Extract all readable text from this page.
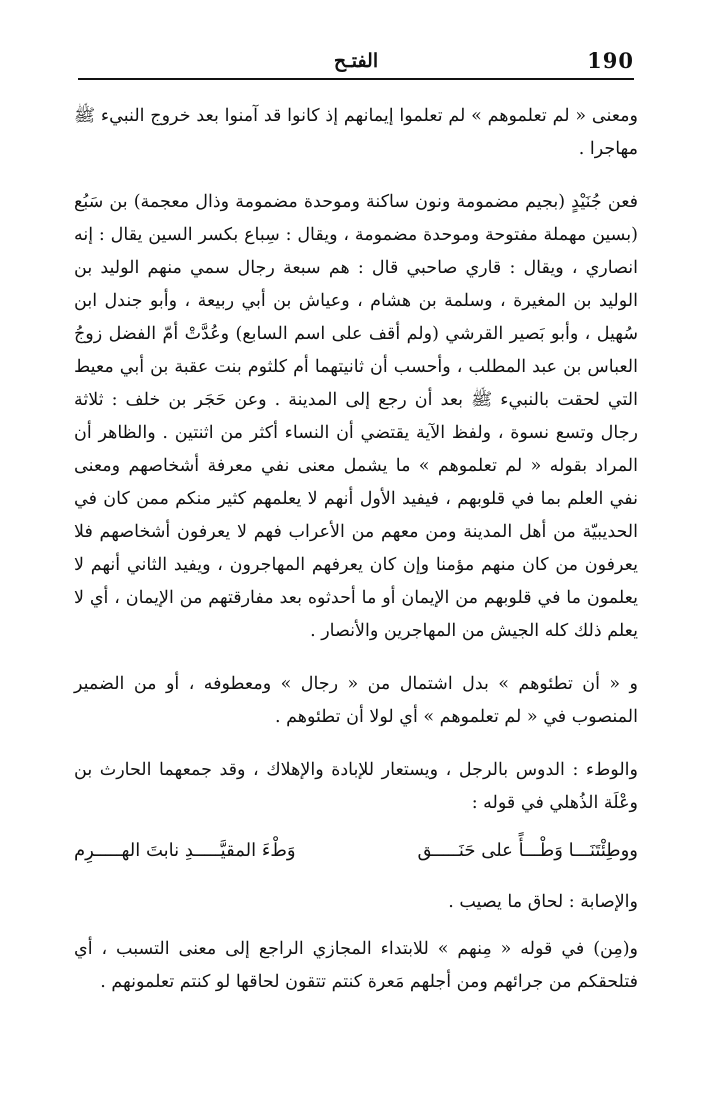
190
الفتـح

ومعنى « لم تعلموهم » لم تعلموا إيمانهم إذ كانوا قد آمنوا بعد خروج النبيء ﷺ مهاجرا .

فعن جُنَيْدٍ (بجيم مضمومة ونون ساكنة وموحدة مضمومة وذال معجمة) بن سَبُع (بسين مهملة مفتوحة وموحدة مضمومة ، ويقال : سِباع بكسر السين يقال : إنه انصاري ، ويقال : قاري صاحبي قال : هم سبعة رجال سمي منهم الوليد بن الوليد بن المغيرة ، وسلمة بن هشام ، وعياش بن أبي ربيعة ، وأبو جندل ابن سُهيل ، وأبو بَصير القرشي (ولم أقف على اسم السابع) وعُدَّتْ أمّ الفضل زوجُ العباس بن عبد المطلب ، وأحسب أن ثانيتهما أم كلثوم بنت عقبة بن أبي معيط التي لحقت بالنبيء ﷺ بعد أن رجع إلى المدينة . وعن حَجَر بن خلف : ثلاثة رجال وتسع نسوة ، ولفظ الآية يقتضي أن النساء أكثر من اثنتين . والظاهر أن المراد بقوله « لم تعلموهم » ما يشمل معنى نفي معرفة أشخاصهم ومعنى نفي العلم بما في قلوبهم ، فيفيد الأول أنهم لا يعلمهم كثير منكم ممن كان في الحديبيّة من أهل المدينة ومن معهم من الأعراب فهم لا يعرفون أشخاصهم فلا يعرفون من كان منهم مؤمنا وإن كان يعرفهم المهاجرون ، ويفيد الثاني أنهم لا يعلمون ما في قلوبهم من الإيمان أو ما أحدثوه بعد مفارقتهم من الإيمان ، أي لا يعلم ذلك كله الجيش من المهاجرين والأنصار .

و « أن تطئوهم » بدل اشتمال من « رجال » ومعطوفه ، أو من الضمير المنصوب في « لم تعلموهم » أي لولا أن تطئوهم .

والوطء : الدوس بالرجل ، ويستعار للإبادة والإهلاك ، وقد جمعهما الحارث بن وعْلَة الذُهلي في قوله :

ووطِئْتَنَـــا وَطْـــأً على حَنَـــــق
وَطْءَ المقيَّـــــدِ نابتَ الهـــــرِم

والإصابة : لحاق ما يصيب .

و(مِن) في قوله « مِنهم » للابتداء المجازي الراجع إلى معنى التسبب ، أي فتلحقكم من جرائهم ومن أجلهم مَعرة كنتم تتقون لحاقها لو كنتم تعلمونهم .
